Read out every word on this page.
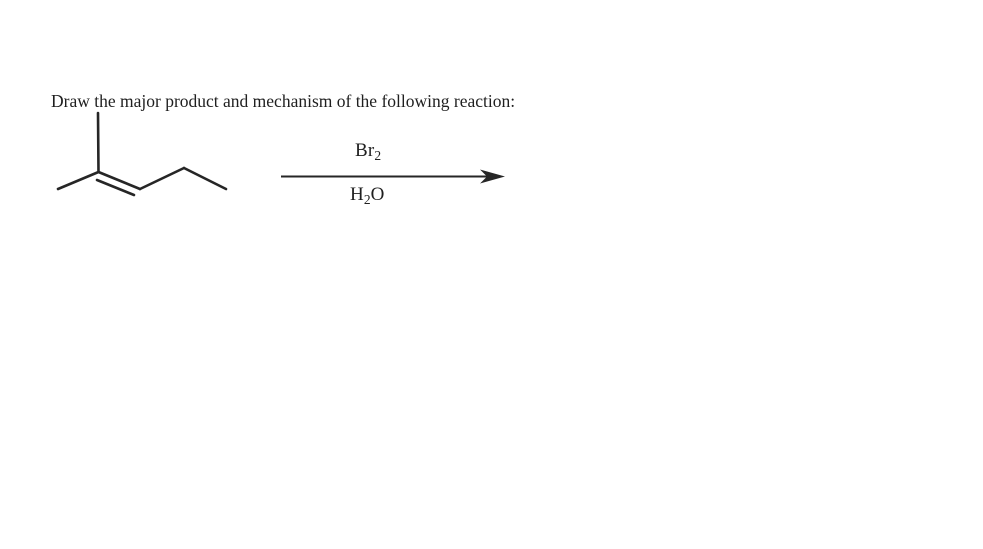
Draw the major product and mechanism of the following reaction:
$Br_2$
$H_2O$
